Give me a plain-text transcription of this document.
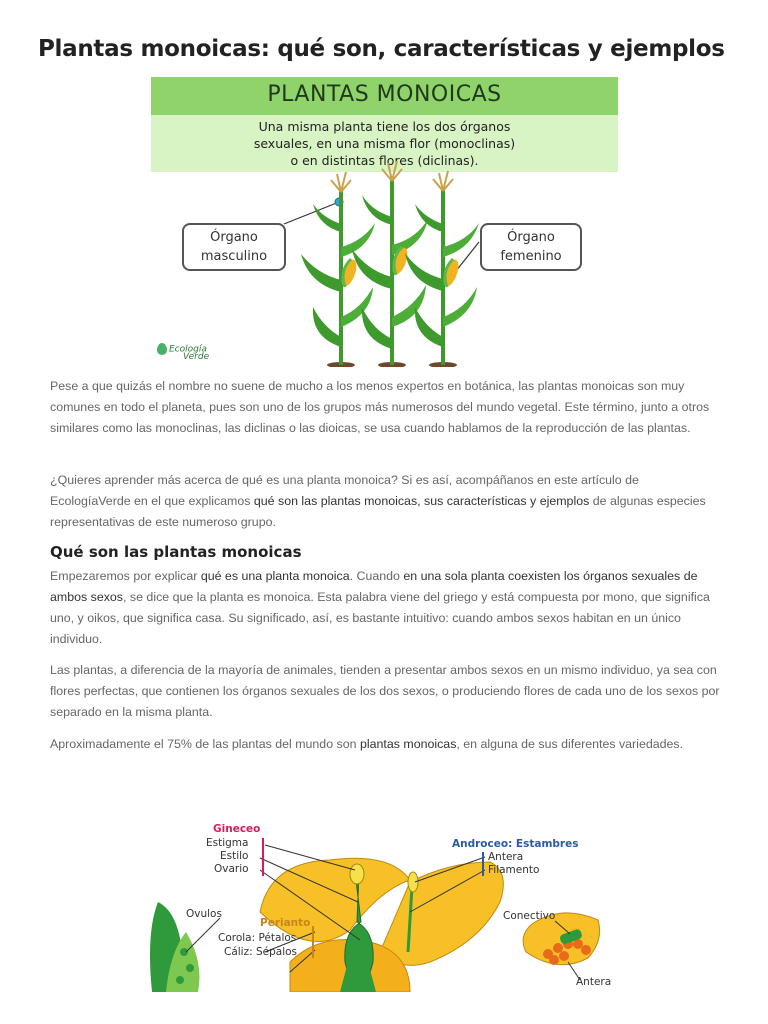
Plantas monoicas: qué son, características y ejemplos
PLANTAS MONOICAS
Una misma planta tiene los dos órganos
sexuales, en una misma flor (monoclinas)
o en distintas flores (diclinas).
Órgano
masculino
Órgano
femenino
Ecología
Verde

Pese a que quizás el nombre no suene de mucho a los menos expertos en botánica, las plantas monoicas son muy comunes en todo el planeta, pues son uno de los grupos más numerosos del mundo vegetal. Este término, junto a otros similares como las monoclinas, las diclinas o las dioicas, se usa cuando hablamos de la reproducción de las plantas.

¿Quieres aprender más acerca de qué es una planta monoica? Si es así, acompáñanos en este artículo de EcologíaVerde en el que explicamos qué son las plantas monoicas, sus características y ejemplos de algunas especies representativas de este numeroso grupo.

Qué son las plantas monoicas

Empezaremos por explicar qué es una planta monoica. Cuando en una sola planta coexisten los órganos sexuales de ambos sexos, se dice que la planta es monoica. Esta palabra viene del griego y está compuesta por mono, que significa uno, y oikos, que significa casa. Su significado, así, es bastante intuitivo: cuando ambos sexos habitan en un único individuo.

Las plantas, a diferencia de la mayoría de animales, tienden a presentar ambos sexos en un mismo individuo, ya sea con flores perfectas, que contienen los órganos sexuales de los dos sexos, o produciendo flores de cada uno de los sexos por separado en la misma planta.

Aproximadamente el 75% de las plantas del mundo son plantas monoicas, en alguna de sus diferentes variedades.

Gineceo
Estigma
Estilo
Ovario
Ovulos
Perianto
Corola: Pétalos
Cáliz: Sépalos
Androceo: Estambres
Antera
Filamento
Conectivo
Antera
